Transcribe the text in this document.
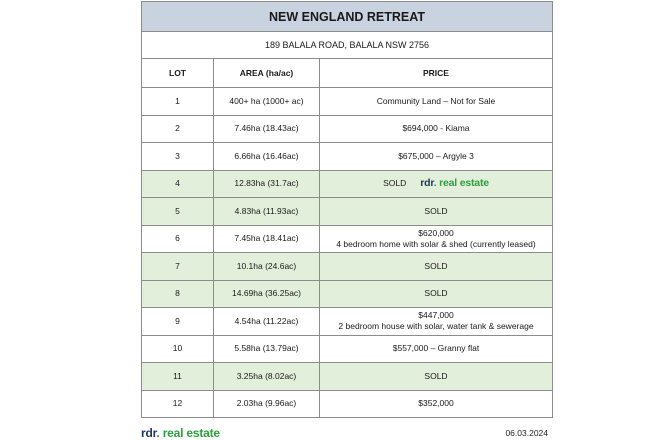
NEW ENGLAND RETREAT		
189 BALALA ROAD, BALALA NSW 2756		
LOT	AREA (ha/ac)	PRICE
1	400+ ha (1000+ ac)	Community Land – Not for Sale

2	7.46ha (18.43ac)	$694,000 - Kiama

3	6.66ha (16.46ac)	$675,000 – Argyle 3

4	12.83ha (31.7ac)	SOLD rdr. real estate

5	4.83ha (11.93ac)	SOLD

6	7.45ha (18.41ac)	$620,000
4 bedroom home with solar & shed (currently leased)

7	10.1ha (24.6ac)	SOLD

8	14.69ha (36.25ac)	SOLD

9	4.54ha (11.22ac)	$447,000
2 bedroom house with solar, water tank & sewerage

10	5.58ha (13.79ac)	$557,000 – Granny flat

11	3.25ha (8.02ac)	SOLD

12	2.03ha (9.96ac)	$352,000
rdr. real estate	06.03.2024
